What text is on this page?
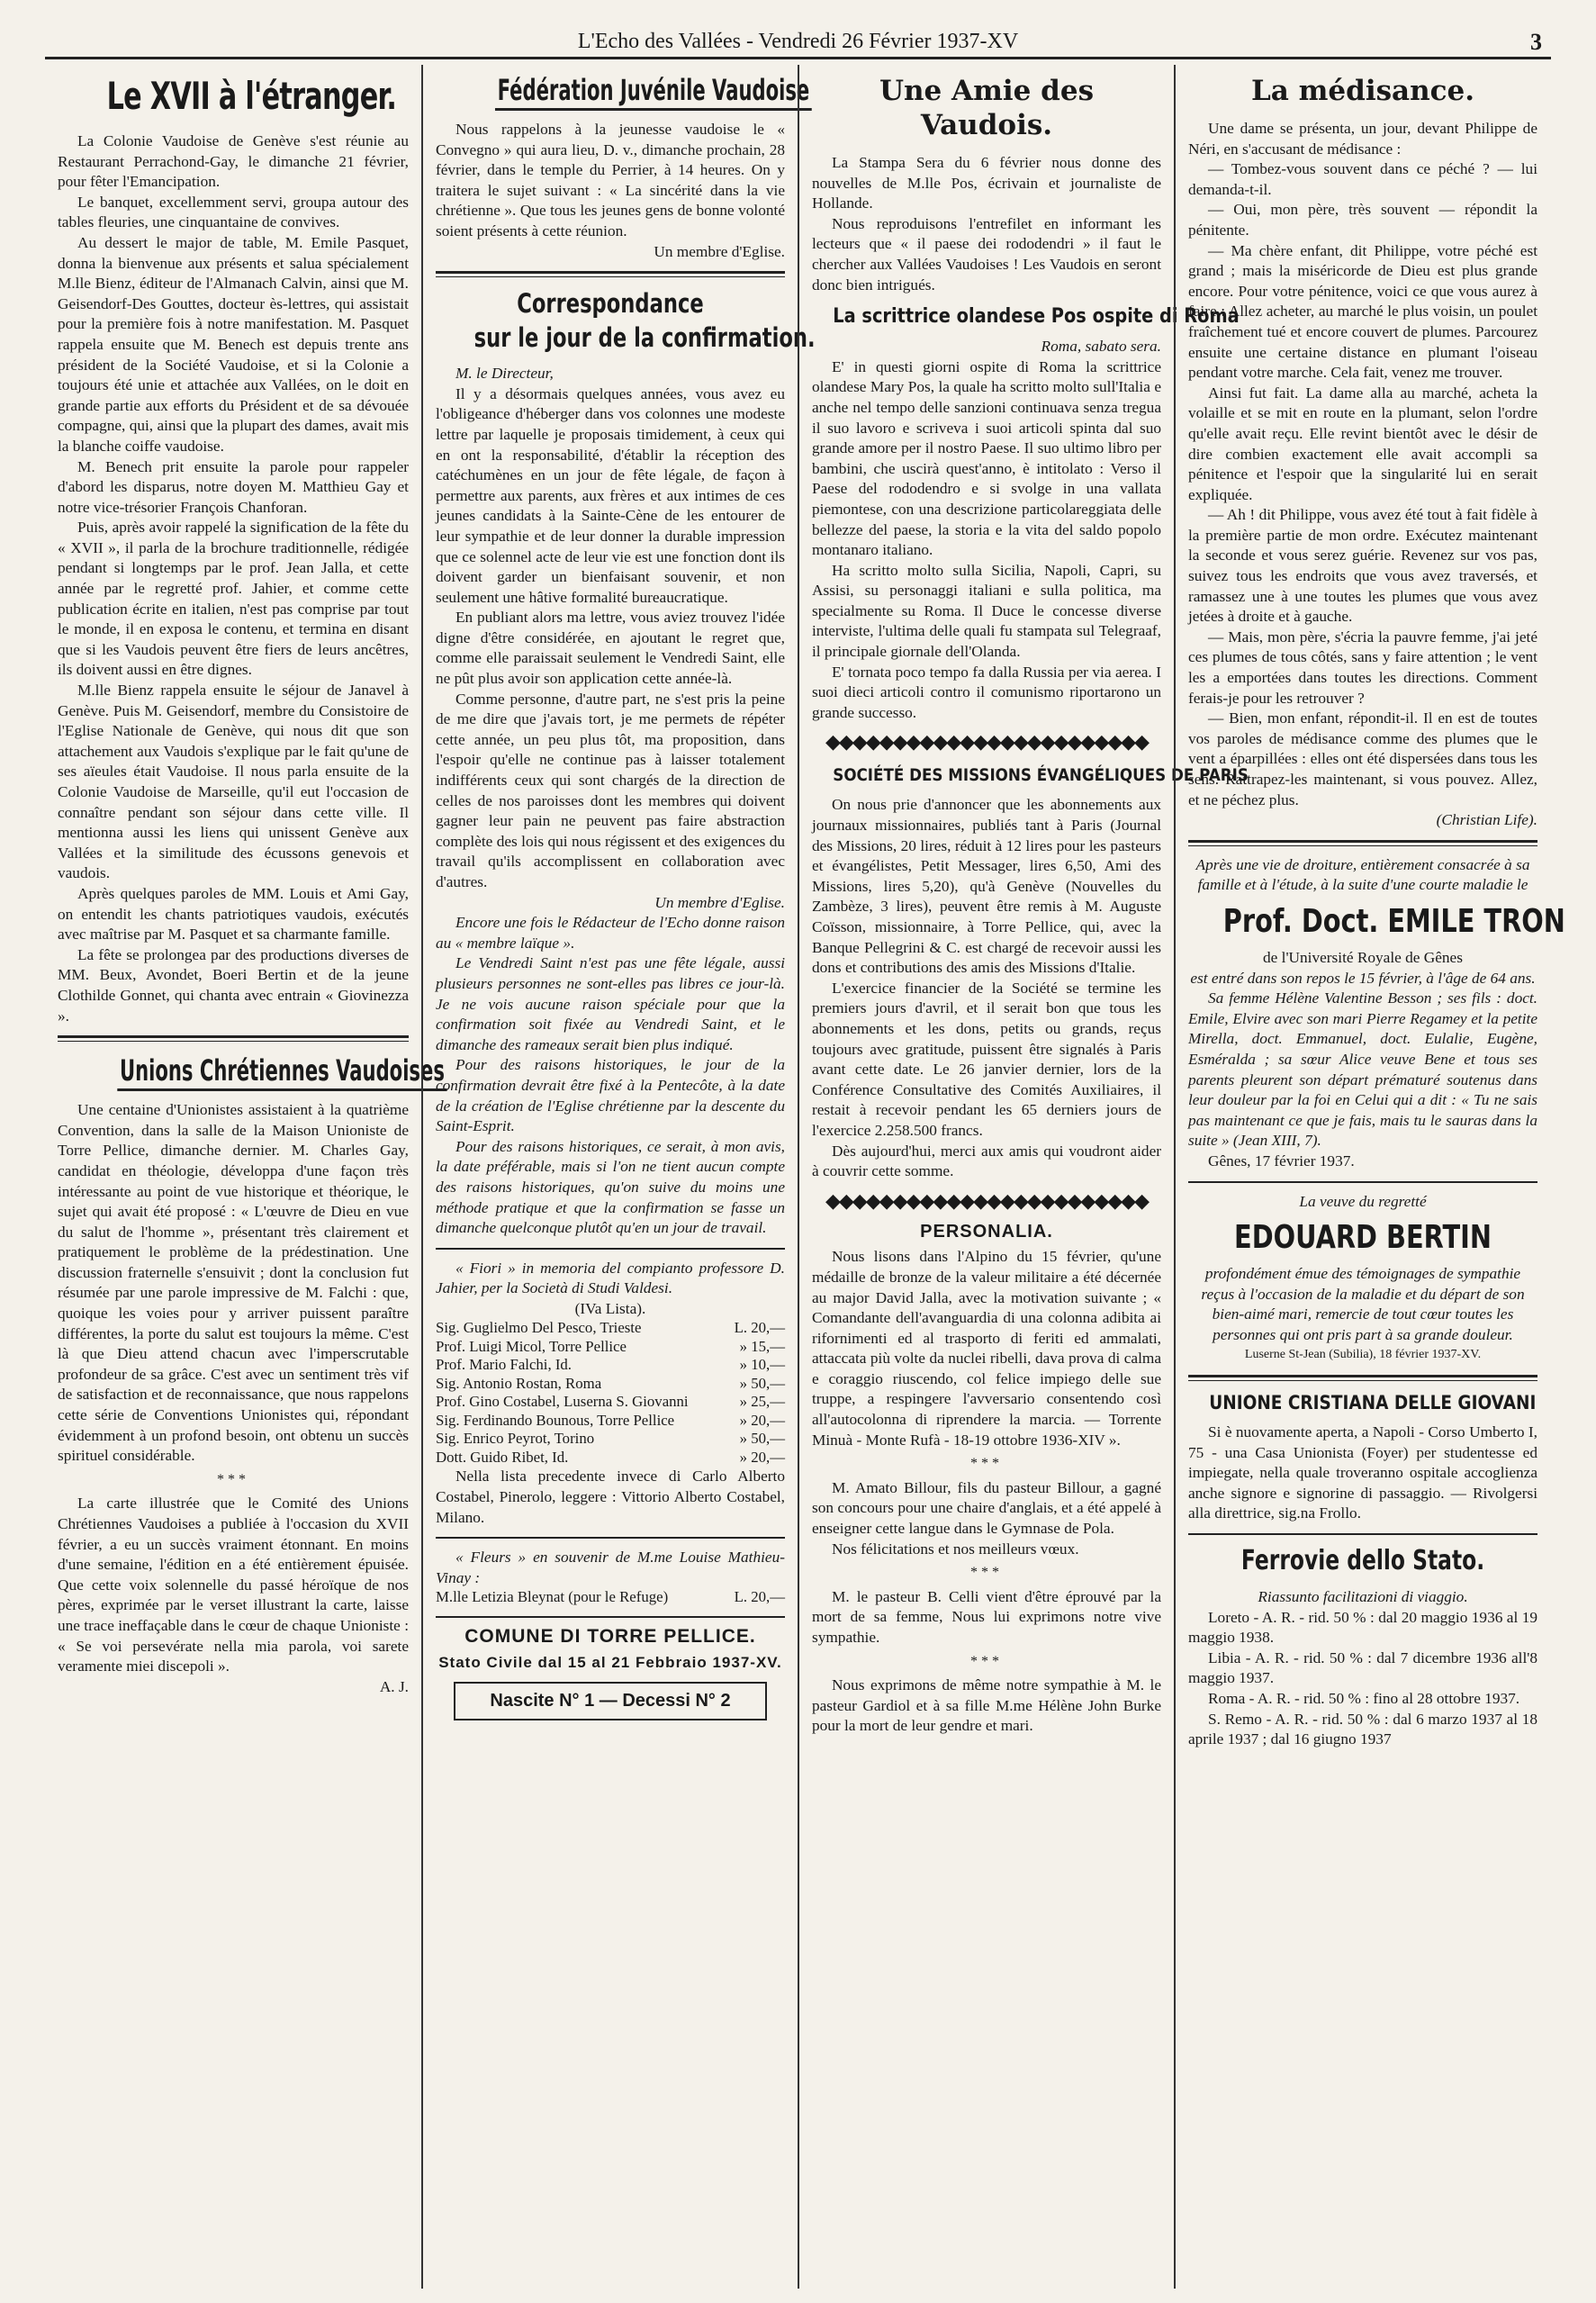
L'Echo des Vallées - Vendredi 26 Février 1937-XV	3
Le XVII à l'étranger.

La Colonie Vaudoise de Genève s'est réunie au Restaurant Perrachond-Gay, le dimanche 21 février, pour fêter l'Emancipation.

Le banquet, excellemment servi, groupa autour des tables fleuries, une cinquantaine de convives.

Au dessert le major de table, M. Emile Pasquet, donna la bienvenue aux présents et salua spécialement M.lle Bienz, éditeur de l'Almanach Calvin, ainsi que M. Geisendorf-Des Gouttes, docteur ès-lettres, qui assistait pour la première fois à notre manifestation. M. Pasquet rappela ensuite que M. Benech est depuis trente ans président de la Société Vaudoise, et si la Colonie a toujours été unie et attachée aux Vallées, on le doit en grande partie aux efforts du Président et de sa dévouée compagne, qui, ainsi que la plupart des dames, avait mis la blanche coiffe vaudoise.

M. Benech prit ensuite la parole pour rappeler d'abord les disparus, notre doyen M. Matthieu Gay et notre vice-trésorier François Chanforan.

Puis, après avoir rappelé la signification de la fête du « XVII », il parla de la brochure traditionnelle, rédigée pendant si longtemps par le prof. Jean Jalla, et cette année par le regretté prof. Jahier, et comme cette publication écrite en italien, n'est pas comprise par tout le monde, il en exposa le contenu, et termina en disant que si les Vaudois peuvent être fiers de leurs ancêtres, ils doivent aussi en être dignes.

M.lle Bienz rappela ensuite le séjour de Janavel à Genève. Puis M. Geisendorf, membre du Consistoire de l'Eglise Nationale de Genève, qui nous dit que son attachement aux Vaudois s'explique par le fait qu'une de ses aïeules était Vaudoise. Il nous parla ensuite de la Colonie Vaudoise de Marseille, qu'il eut l'occasion de connaître pendant son séjour dans cette ville. Il mentionna aussi les liens qui unissent Genève aux Vallées et la similitude des écussons genevois et vaudois.

Après quelques paroles de MM. Louis et Ami Gay, on entendit les chants patriotiques vaudois, exécutés avec maîtrise par M. Pasquet et sa charmante famille.

La fête se prolongea par des productions diverses de MM. Beux, Avondet, Boeri Bertin et de la jeune Clothilde Gonnet, qui chanta avec entrain « Giovinezza ».

Unions Chrétiennes Vaudoises

Une centaine d'Unionistes assistaient à la quatrième Convention, dans la salle de la Maison Unioniste de Torre Pellice, dimanche dernier. M. Charles Gay, candidat en théologie, développa d'une façon très intéressante au point de vue historique et théorique, le sujet qui avait été proposé : « L'œuvre de Dieu en vue du salut de l'homme », présentant très clairement et pratiquement le problème de la prédestination. Une discussion fraternelle s'ensuivit ; dont la conclusion fut résumée par une parole impressive de M. Falchi : que, quoique les voies pour y arriver puissent paraître différentes, la porte du salut est toujours la même. C'est là que Dieu attend chacun avec l'imperscrutable profondeur de sa grâce. C'est avec un sentiment très vif de satisfaction et de reconnaissance, que nous rappelons cette série de Conventions Unionistes qui, répondant évidemment à un profond besoin, ont obtenu un succès spirituel considérable.

***

La carte illustrée que le Comité des Unions Chrétiennes Vaudoises a publiée à l'occasion du XVII février, a eu un succès vraiment étonnant. En moins d'une semaine, l'édition en a été entièrement épuisée. Que cette voix solennelle du passé héroïque de nos pères, exprimée par le verset illustrant la carte, laisse une trace ineffaçable dans le cœur de chaque Unioniste : « Se voi persevérate nella mia parola, voi sarete veramente miei discepoli ».

A. J.

Fédération Juvénile Vaudoise

Nous rappelons à la jeunesse vaudoise le « Convegno » qui aura lieu, D. v., dimanche prochain, 28 février, dans le temple du Perrier, à 14 heures. On y traitera le sujet suivant : « La sincérité dans la vie chrétienne ». Que tous les jeunes gens de bonne volonté soient présents à cette réunion.

Un membre d'Eglise.

Correspondance
sur le jour de la confirmation.

M. le Directeur,

Il y a désormais quelques années, vous avez eu l'obligeance d'héberger dans vos colonnes une modeste lettre par laquelle je proposais timidement, à ceux qui en ont la responsabilité, d'établir la réception des catéchumènes en un jour de fête légale, de façon à permettre aux parents, aux frères et aux intimes de ces jeunes candidats à la Sainte-Cène de les entourer de leur sympathie et de leur donner la durable impression que ce solennel acte de leur vie est une fonction dont ils doivent garder un bienfaisant souvenir, et non seulement une hâtive formalité bureaucratique.

En publiant alors ma lettre, vous aviez trouvez l'idée digne d'être considérée, en ajoutant le regret que, comme elle paraissait seulement le Vendredi Saint, elle ne pût plus avoir son application cette année-là.

Comme personne, d'autre part, ne s'est pris la peine de me dire que j'avais tort, je me permets de répéter cette année, un peu plus tôt, ma proposition, dans l'espoir qu'elle ne continue pas à laisser totalement indifférents ceux qui sont chargés de la direction de celles de nos paroisses dont les membres qui doivent gagner leur pain ne peuvent pas faire abstraction complète des lois qui nous régissent et des exigences du travail qu'ils accomplissent en collaboration avec d'autres.

Un membre d'Eglise.

Encore une fois le Rédacteur de l'Echo donne raison au « membre laïque ».

Le Vendredi Saint n'est pas une fête légale, aussi plusieurs personnes ne sont-elles pas libres ce jour-là. Je ne vois aucune raison spéciale pour que la confirmation soit fixée au Vendredi Saint, et le dimanche des rameaux serait bien plus indiqué.

Pour des raisons historiques, le jour de la confirmation devrait être fixé à la Pentecôte, à la date de la création de l'Eglise chrétienne par la descente du Saint-Esprit.

Pour des raisons historiques, ce serait, à mon avis, la date préférable, mais si l'on ne tient aucun compte des raisons historiques, qu'on suive du moins une méthode pratique et que la confirmation se fasse un dimanche quelconque plutôt qu'en un jour de travail.

« Fiori » in memoria del compianto professore D. Jahier, per la Società di Studi Valdesi.

(IVa Lista).

Sig. Guglielmo Del Pesco, Trieste	L. 20,—
Prof. Luigi Micol, Torre Pellice	» 15,—
Prof. Mario Falchi, Id.	» 10,—
Sig. Antonio Rostan, Roma	» 50,—
Prof. Gino Costabel, Luserna S. Giovanni	» 25,—
Sig. Ferdinando Bounous, Torre Pellice	» 20,—
Sig. Enrico Peyrot, Torino	» 50,—
Dott. Guido Ribet, Id.	» 20,—

Nella lista precedente invece di Carlo Alberto Costabel, Pinerolo, leggere : Vittorio Alberto Costabel, Milano.

« Fleurs » en souvenir de M.me Louise Mathieu-Vinay :

M.lle Letizia Bleynat (pour le Refuge)	L. 20,—
COMUNE DI TORRE PELLICE.
Stato Civile dal 15 al 21 Febbraio 1937-XV.
Nascite N° 1 — Decessi N° 2
Une Amie des Vaudois.

La Stampa Sera du 6 février nous donne des nouvelles de M.lle Pos, écrivain et journaliste de Hollande.

Nous reproduisons l'entrefilet en informant les lecteurs que « il paese dei rododendri » il faut le chercher aux Vallées Vaudoises ! Les Vaudois en seront donc bien intrigués.

La scrittrice olandese Pos ospite di Roma

Roma, sabato sera.

E' in questi giorni ospite di Roma la scrittrice olandese Mary Pos, la quale ha scritto molto sull'Italia e anche nel tempo delle sanzioni continuava senza tregua il suo lavoro e scriveva i suoi articoli spinta dal suo grande amore per il nostro Paese. Il suo ultimo libro per bambini, che uscirà quest'anno, è intitolato : Verso il Paese del rododendro e si svolge in una vallata piemontese, con una descrizione particolareggiata delle bellezze del paese, la storia e la vita del saldo popolo montanaro italiano.

Ha scritto molto sulla Sicilia, Napoli, Capri, su Assisi, su personaggi italiani e sulla politica, ma specialmente su Roma. Il Duce le concesse diverse interviste, l'ultima delle quali fu stampata sul Telegraaf, il principale giornale dell'Olanda.

E' tornata poco tempo fa dalla Russia per via aerea. I suoi dieci articoli contro il comunismo riportarono un grande successo.

◆◆◆◆◆◆◆◆◆◆◆◆◆◆◆◆◆◆◆◆◆◆◆◆
SOCIÉTÉ DES MISSIONS ÉVANGÉLIQUES DE PARIS

On nous prie d'annoncer que les abonnements aux journaux missionnaires, publiés tant à Paris (Journal des Missions, 20 lires, réduit à 12 lires pour les pasteurs et évangélistes, Petit Messager, lires 6,50, Ami des Missions, lires 5,20), qu'à Genève (Nouvelles du Zambèze, 3 lires), peuvent être remis à M. Auguste Coïsson, missionnaire, à Torre Pellice, qui, avec la Banque Pellegrini & C. est chargé de recevoir aussi les dons et contributions des amis des Missions d'Italie.

L'exercice financier de la Société se termine les premiers jours d'avril, et il serait bon que tous les abonnements et les dons, petits ou grands, reçus toujours avec gratitude, puissent être signalés à Paris avant cette date. Le 26 janvier dernier, lors de la Conférence Consultative des Comités Auxiliaires, il restait à recevoir pendant les 65 derniers jours de l'exercice 2.258.500 francs.

Dès aujourd'hui, merci aux amis qui voudront aider à couvrir cette somme.

◆◆◆◆◆◆◆◆◆◆◆◆◆◆◆◆◆◆◆◆◆◆◆◆
PERSONALIA.

Nous lisons dans l'Alpino du 15 février, qu'une médaille de bronze de la valeur militaire a été décernée au major David Jalla, avec la motivation suivante ; « Comandante dell'avanguardia di una colonna adibita ai rifornimenti ed al trasporto di feriti ed ammalati, attaccata più volte da nuclei ribelli, dava prova di calma e coraggio riuscendo, col felice impiego delle sue truppe, a respingere l'avversario consentendo così all'autocolonna di riprendere la marcia. — Torrente Minuà - Monte Rufà - 18-19 ottobre 1936-XIV ».

***

M. Amato Billour, fils du pasteur Billour, a gagné son concours pour une chaire d'anglais, et a été appelé à enseigner cette langue dans le Gymnase de Pola.

Nos félicitations et nos meilleurs vœux.

***

M. le pasteur B. Celli vient d'être éprouvé par la mort de sa femme, Nous lui exprimons notre vive sympathie.

***

Nous exprimons de même notre sympathie à M. le pasteur Gardiol et à sa fille M.me Hélène John Burke pour la mort de leur gendre et mari.

La médisance.

Une dame se présenta, un jour, devant Philippe de Néri, en s'accusant de médisance :

— Tombez-vous souvent dans ce péché ? — lui demanda-t-il.

— Oui, mon père, très souvent — répondit la pénitente.

— Ma chère enfant, dit Philippe, votre péché est grand ; mais la miséricorde de Dieu est plus grande encore. Pour votre pénitence, voici ce que vous aurez à faire : Allez acheter, au marché le plus voisin, un poulet fraîchement tué et encore couvert de plumes. Parcourez ensuite une certaine distance en plumant l'oiseau pendant votre marche. Cela fait, venez me trouver.

Ainsi fut fait. La dame alla au marché, acheta la volaille et se mit en route en la plumant, selon l'ordre qu'elle avait reçu. Elle revint bientôt avec le désir de dire combien exactement elle avait accompli sa pénitence et l'espoir que la singularité lui en serait expliquée.

— Ah ! dit Philippe, vous avez été tout à fait fidèle à la première partie de mon ordre. Exécutez maintenant la seconde et vous serez guérie. Revenez sur vos pas, suivez tous les endroits que vous avez traversés, et ramassez une à une toutes les plumes que vous avez jetées à droite et à gauche.

— Mais, mon père, s'écria la pauvre femme, j'ai jeté ces plumes de tous côtés, sans y faire attention ; le vent les a emportées dans toutes les directions. Comment ferais-je pour les retrouver ?

— Bien, mon enfant, répondit-il. Il en est de toutes vos paroles de médisance comme des plumes que le vent a éparpillées : elles ont été dispersées dans tous les sens. Rattrapez-les maintenant, si vous pouvez. Allez, et ne péchez plus.

(Christian Life).

Après une vie de droiture, entièrement consacrée à sa famille et à l'étude, à la suite d'une courte maladie le

Prof. Doct. EMILE TRON

de l'Université Royale de Gênes

est entré dans son repos le 15 février, à l'âge de 64 ans.

Sa femme Hélène Valentine Besson ; ses fils : doct. Emile, Elvire avec son mari Pierre Regamey et la petite Mirella, doct. Emmanuel, doct. Eulalie, Eugène, Esméralda ; sa sœur Alice veuve Bene et tous ses parents pleurent son départ prématuré soutenus dans leur douleur par la foi en Celui qui a dit : « Tu ne sais pas maintenant ce que je fais, mais tu le sauras dans la suite » (Jean XIII, 7).

Gênes, 17 février 1937.

La veuve du regretté

EDOUARD BERTIN

profondément émue des témoignages de sympathie reçus à l'occasion de la maladie et du départ de son bien-aimé mari, remercie de tout cœur toutes les personnes qui ont pris part à sa grande douleur.

Luserne St-Jean (Subilia), 18 février 1937-XV.

UNIONE CRISTIANA DELLE GIOVANI

Si è nuovamente aperta, a Napoli - Corso Umberto I, 75 - una Casa Unionista (Foyer) per studentesse ed impiegate, nella quale troveranno ospitale accoglienza anche signore e signorine di passaggio. — Rivolgersi alla direttrice, sig.na Frollo.

Ferrovie dello Stato.

Riassunto facilitazioni di viaggio.

Loreto - A. R. - rid. 50 % : dal 20 maggio 1936 al 19 maggio 1938.

Libia - A. R. - rid. 50 % : dal 7 dicembre 1936 all'8 maggio 1937.

Roma - A. R. - rid. 50 % : fino al 28 ottobre 1937.

S. Remo - A. R. - rid. 50 % : dal 6 marzo 1937 al 18 aprile 1937 ; dal 16 giugno 1937
